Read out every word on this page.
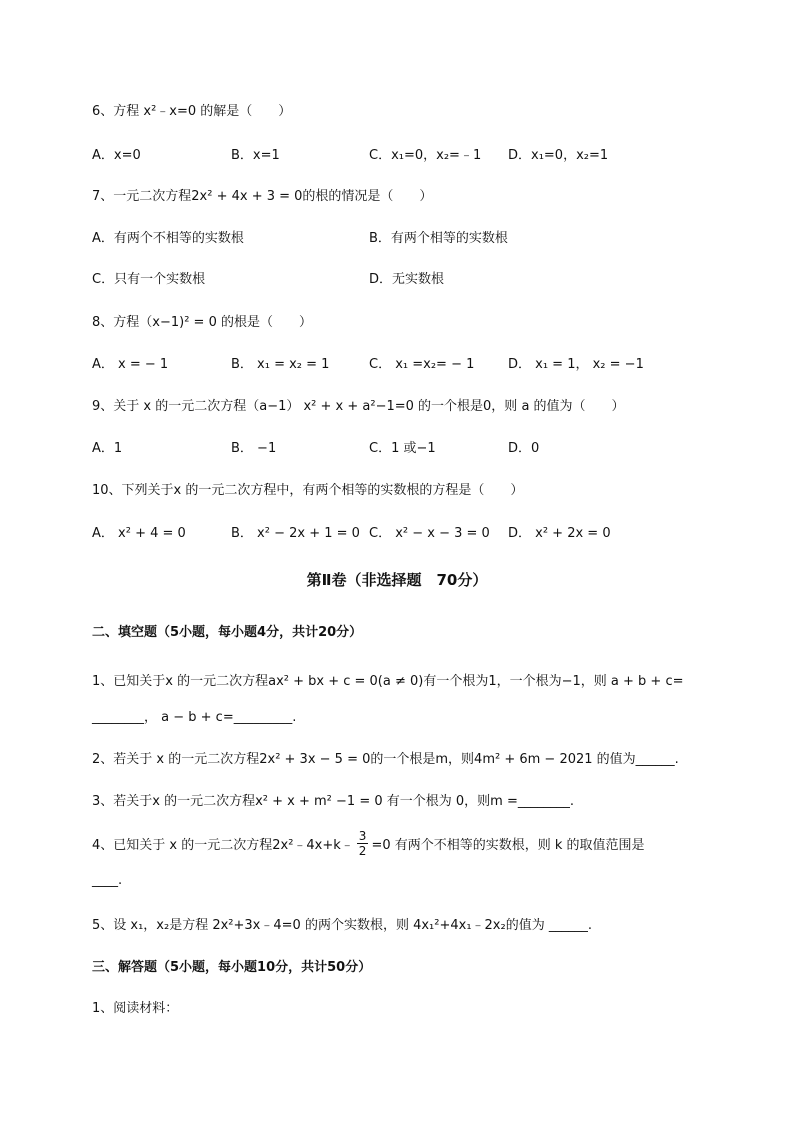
6、方程 x²﹣x=0 的解是（　　）
A．x=0	B．x=1	C．x₁=0，x₂=﹣1 D．x₁=0，x₂=1
7、一元二次方程2x² + 4x + 3 = 0的根的情况是（　　）
A．有两个不相等的实数根	B．有两个相等的实数根
C．只有一个实数根	D．无实数根
8、方程（x−1)² = 0 的根是（　　）
A． x = − 1	B． x₁ = x₂ = 1	C． x₁ =x₂= − 1	D． x₁ = 1， x₂ = −1
9、关于 x 的一元二次方程（a−1） x² + x + a²−1=0 的一个根是0，则 a 的值为（　　）
A．1	B． −1	C．1 或−1	D．0
10、下列关于x 的一元二次方程中，有两个相等的实数根的方程是（　　）
A． x² + 4 = 0	B． x² − 2x + 1 = 0 C． x² − x − 3 = 0 D． x² + 2x = 0
第Ⅱ卷（非选择题　70分）
二、填空题（5小题，每小题4分，共计20分）
1、已知关于x 的一元二次方程ax² + bx + c = 0(a ≠ 0)有一个根为1，一个根为−1，则 a + b + c=
________， a − b + c=_________.
2、若关于 x 的一元二次方程2x² + 3x − 5 = 0的一个根是m，则4m² + 6m − 2021 的值为______.
3、若关于x 的一元二次方程x² + x + m² −1 = 0 有一个根为 0，则m =________.
4、已知关于 x 的一元二次方程2x²﹣4x+k﹣ $\frac{3}{2} =0$ 有两个不相等的实数根，则 k 的取值范围是
____.
5、设 x₁，x₂是方程 2x²+3x﹣4=0 的两个实数根，则 4x₁²+4x₁﹣2x₂的值为 ______.
三、解答题（5小题，每小题10分，共计50分）
1、阅读材料：
